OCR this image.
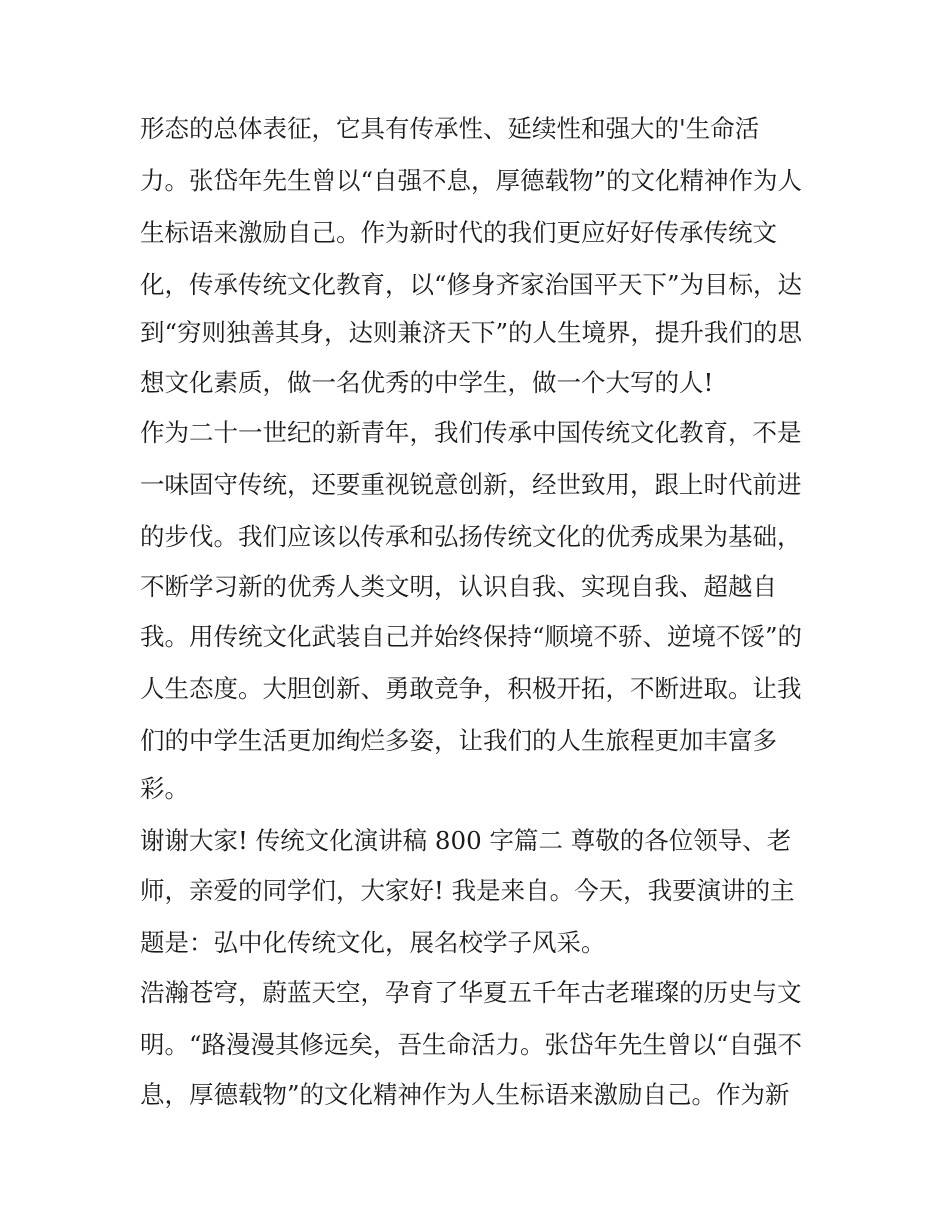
形态的总体表征，它具有传承性、延续性和强大的'生命活
力。张岱年先生曾以“自强不息，厚德载物”的文化精神作为人
生标语来激励自己。作为新时代的我们更应好好传承传统文
化，传承传统文化教育，以“修身齐家治国平天下”为目标，达
到“穷则独善其身，达则兼济天下”的人生境界，提升我们的思
想文化素质，做一名优秀的中学生，做一个大写的人!
作为二十一世纪的新青年，我们传承中国传统文化教育，不是
一味固守传统，还要重视锐意创新，经世致用，跟上时代前进
的步伐。我们应该以传承和弘扬传统文化的优秀成果为基础，
不断学习新的优秀人类文明，认识自我、实现自我、超越自
我。用传统文化武装自己并始终保持“顺境不骄、逆境不馁”的
人生态度。大胆创新、勇敢竞争，积极开拓，不断进取。让我
们的中学生活更加绚烂多姿，让我们的人生旅程更加丰富多
彩。
谢谢大家! 传统文化演讲稿 800 字篇二 尊敬的各位领导、老
师，亲爱的同学们，大家好! 我是来自。今天，我要演讲的主
题是：弘中化传统文化，展名校学子风采。
浩瀚苍穹，蔚蓝天空，孕育了华夏五千年古老璀璨的历史与文
明。“路漫漫其修远矣，吾生命活力。张岱年先生曾以“自强不
息，厚德载物”的文化精神作为人生标语来激励自己。作为新
